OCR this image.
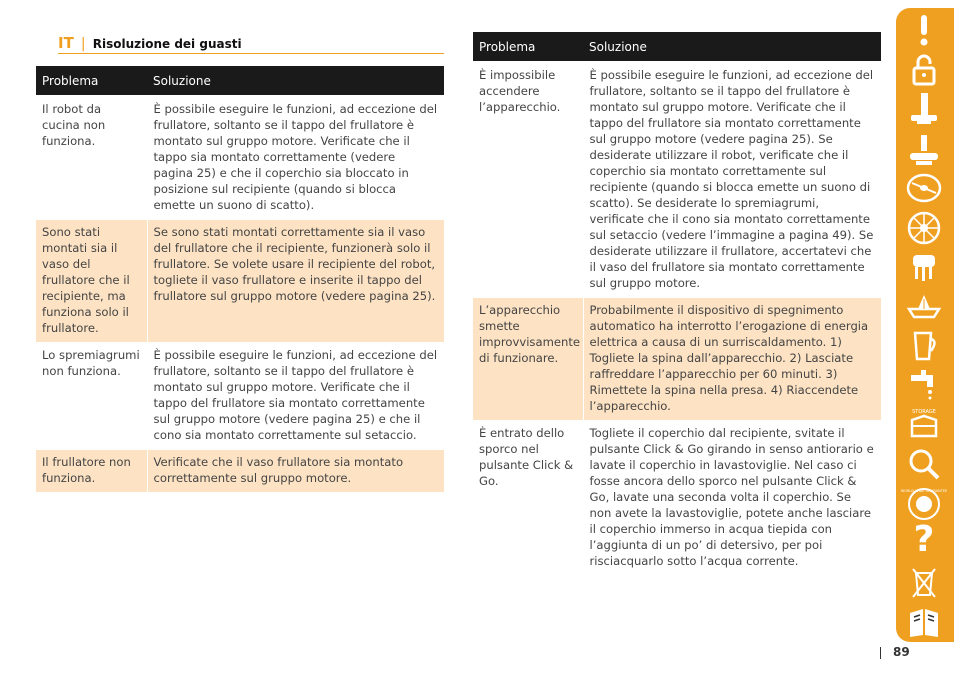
IT | Risoluzione dei guasti
Problema	Soluzione
Il robot da cucina non funziona.	È possibile eseguire le funzioni, ad eccezione del frullatore, soltanto se il tappo del frullatore è montato sul gruppo motore. Verificate che il tappo sia montato correttamente (vedere pagina 25) e che il coperchio sia bloccato in posizione sul recipiente (quando si blocca emette un suono di scatto).
Sono stati montati sia il vaso del frullatore che il recipiente, ma funziona solo il frullatore.	Se sono stati montati correttamente sia il vaso del frullatore che il recipiente, funzionerà solo il frullatore. Se volete usare il recipiente del robot, togliete il vaso frullatore e inserite il tappo del frullatore sul gruppo motore (vedere pagina 25).
Lo spremiagrumi non funziona.	È possibile eseguire le funzioni, ad eccezione del frullatore, soltanto se il tappo del frullatore è montato sul gruppo motore. Verificate che il tappo del frullatore sia montato correttamente sul gruppo motore (vedere pagina 25) e che il cono sia montato correttamente sul setaccio.
Il frullatore non funziona.	Verificate che il vaso frullatore sia montato correttamente sul gruppo motore.
Problema	Soluzione
È impossibile accendere l’apparecchio.	È possibile eseguire le funzioni, ad eccezione del frullatore, soltanto se il tappo del frullatore è montato sul gruppo motore. Verificate che il tappo del frullatore sia montato correttamente sul gruppo motore (vedere pagina 25). Se desiderate utilizzare il robot, verificate che il coperchio sia montato correttamente sul recipiente (quando si blocca emette un suono di scatto). Se desiderate lo spremiagrumi, verificate che il cono sia montato correttamente sul setaccio (vedere l’immagine a pagina 49). Se desiderate utilizzare il frullatore, accertatevi che il vaso del frullatore sia montato correttamente sul gruppo motore.
L’apparecchio smette improvvisamente di funzionare.	Probabilmente il dispositivo di spegnimento automatico ha interrotto l’erogazione di energia elettrica a causa di un surriscaldamento. 1) Togliete la spina dall’apparecchio. 2) Lasciate raffreddare l’apparecchio per 60 minuti. 3) Rimettete la spina nella presa. 4) Riaccendete l’apparecchio.
È entrato dello sporco nel pulsante Click & Go.	Togliete il coperchio dal recipiente, svitate il pulsante Click & Go girando in senso antiorario e lavate il coperchio in lavastoviglie. Nel caso ci fosse ancora dello sporco nel pulsante Click & Go, lavate una seconda volta il coperchio. Se non avete la lavastoviglie, potete anche lasciare il coperchio immerso in acqua tiepida con l’aggiunta di un po’ di detersivo, per poi risciacquarlo sotto l’acqua corrente.
STORAGE
WORLD-WIDE GUARANTEE
?
89
